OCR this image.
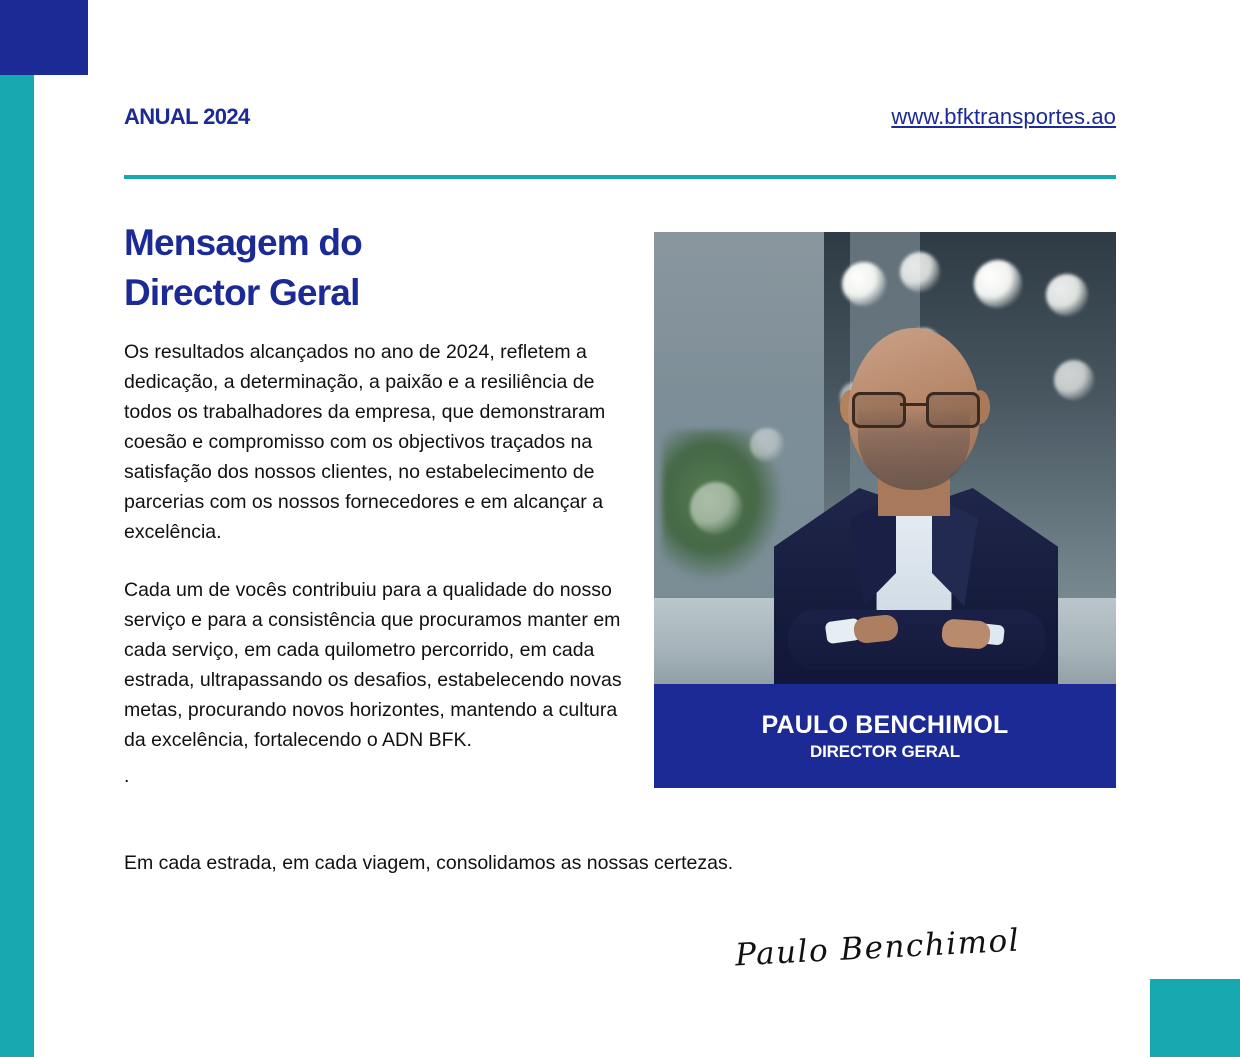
ANUAL 2024	www.bfktransportes.ao
Mensagem do
Director Geral

Os resultados alcançados no ano de 2024, refletem a dedicação, a determinação, a paixão e a resiliência de todos os trabalhadores da empresa, que demonstraram coesão e compromisso com os objectivos traçados na satisfação dos nossos clientes, no estabelecimento de parcerias com os nossos fornecedores e em alcançar a excelência.

Cada um de vocês contribuiu para a qualidade do nosso serviço e para a consistência que procuramos manter em cada serviço, em cada quilometro percorrido, em cada estrada, ultrapassando os desafios, estabelecendo novas metas, procurando novos horizontes, mantendo a cultura da excelência, fortalecendo o ADN BFK.

.

Em cada estrada, em cada viagem, consolidamos as nossas certezas.
PAULO BENCHIMOL
DIRECTOR GERAL
Paulo Benchimol
